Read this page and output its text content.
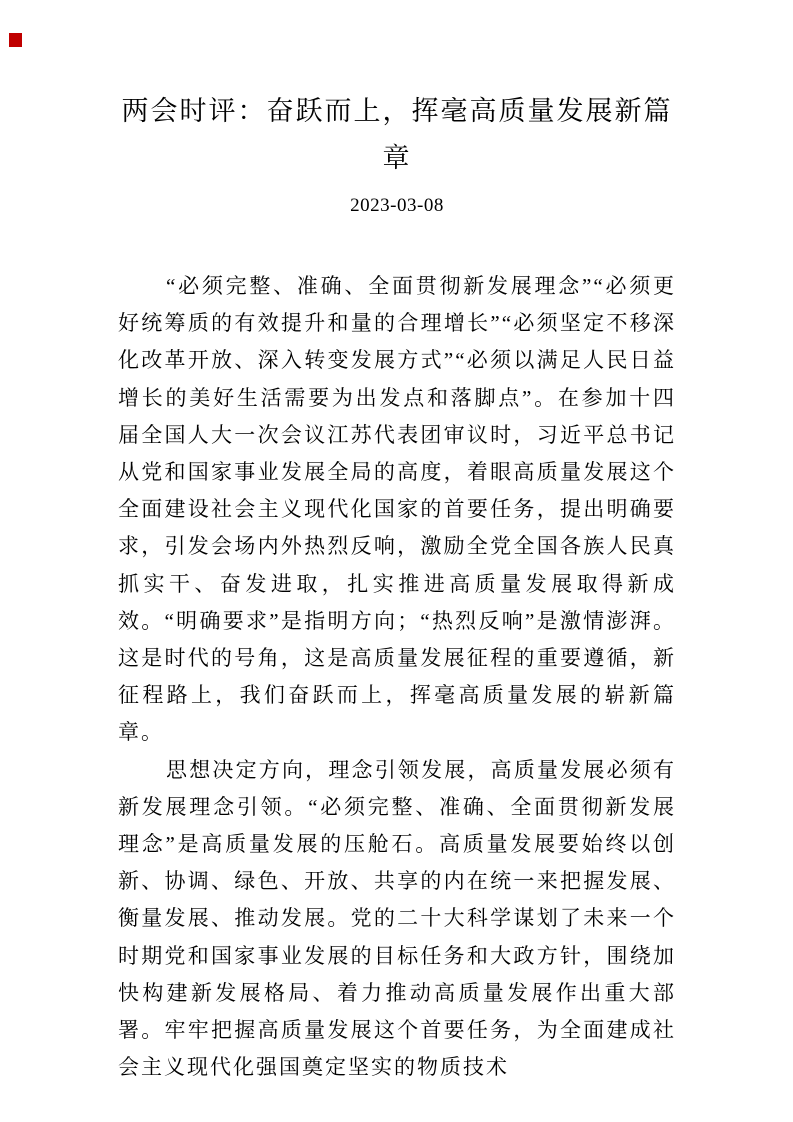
两会时评：奋跃而上，挥毫高质量发展新篇章
2023-03-08

“必须完整、准确、全面贯彻新发展理念”“必须更好统筹质的有效提升和量的合理增长”“必须坚定不移深化改革开放、深入转变发展方式”“必须以满足人民日益增长的美好生活需要为出发点和落脚点”。在参加十四届全国人大一次会议江苏代表团审议时，习近平总书记从党和国家事业发展全局的高度，着眼高质量发展这个全面建设社会主义现代化国家的首要任务，提出明确要求，引发会场内外热烈反响，激励全党全国各族人民真抓实干、奋发进取，扎实推进高质量发展取得新成效。“明确要求”是指明方向；“热烈反响”是激情澎湃。这是时代的号角，这是高质量发展征程的重要遵循，新征程路上，我们奋跃而上，挥毫高质量发展的崭新篇章。

思想决定方向，理念引领发展，高质量发展必须有新发展理念引领。“必须完整、准确、全面贯彻新发展理念”是高质量发展的压舱石。高质量发展要始终以创新、协调、绿色、开放、共享的内在统一来把握发展、衡量发展、推动发展。党的二十大科学谋划了未来一个时期党和国家事业发展的目标任务和大政方针，围绕加快构建新发展格局、着力推动高质量发展作出重大部署。牢牢把握高质量发展这个首要任务，为全面建成社会主义现代化强国奠定坚实的物质技术
